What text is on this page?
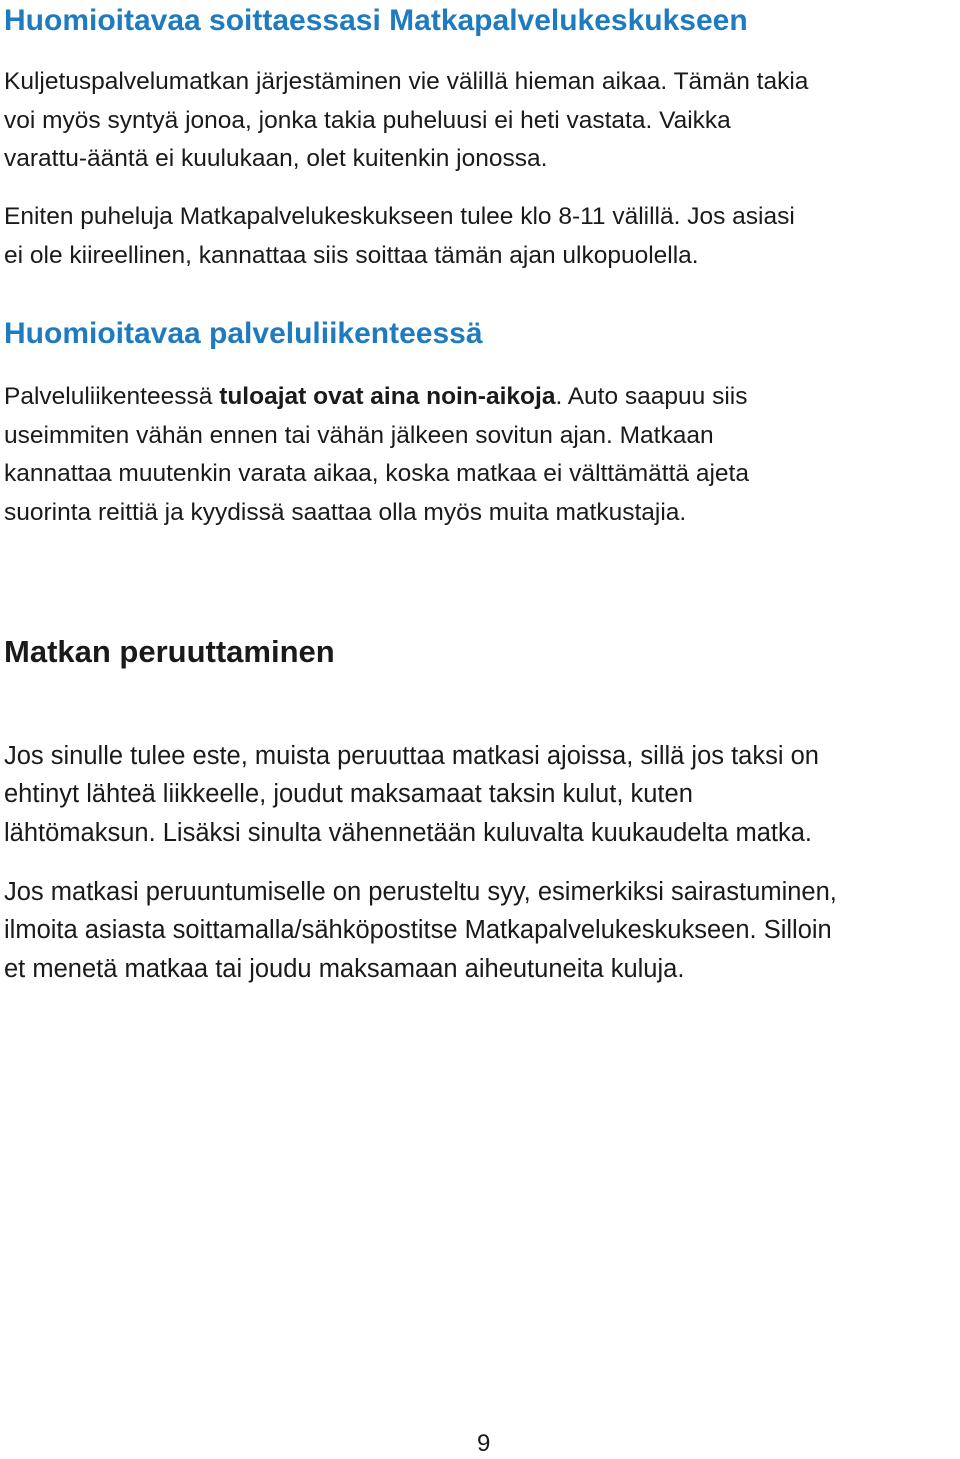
Huomioitavaa soittaessasi Matkapalvelukeskukseen

Kuljetuspalvelumatkan järjestäminen vie välillä hieman aikaa. Tämän takia
voi myös syntyä jonoa, jonka takia puheluusi ei heti vastata. Vaikka
varattu-ääntä ei kuulukaan, olet kuitenkin jonossa.

Eniten puheluja Matkapalvelukeskukseen tulee klo 8-11 välillä. Jos asiasi
ei ole kiireellinen, kannattaa siis soittaa tämän ajan ulkopuolella.

Huomioitavaa palveluliikenteessä

Palveluliikenteessä tuloajat ovat aina noin-aikoja. Auto saapuu siis
useimmiten vähän ennen tai vähän jälkeen sovitun ajan. Matkaan
kannattaa muutenkin varata aikaa, koska matkaa ei välttämättä ajeta
suorinta reittiä ja kyydissä saattaa olla myös muita matkustajia.

Matkan peruuttaminen

Jos sinulle tulee este, muista peruuttaa matkasi ajoissa, sillä jos taksi on
ehtinyt lähteä liikkeelle, joudut maksamaat taksin kulut, kuten
lähtömaksun. Lisäksi sinulta vähennetään kuluvalta kuukaudelta matka.

Jos matkasi peruuntumiselle on perusteltu syy, esimerkiksi sairastuminen,
ilmoita asiasta soittamalla/sähköpostitse Matkapalvelukeskukseen. Silloin
et menetä matkaa tai joudu maksamaan aiheutuneita kuluja.

9
